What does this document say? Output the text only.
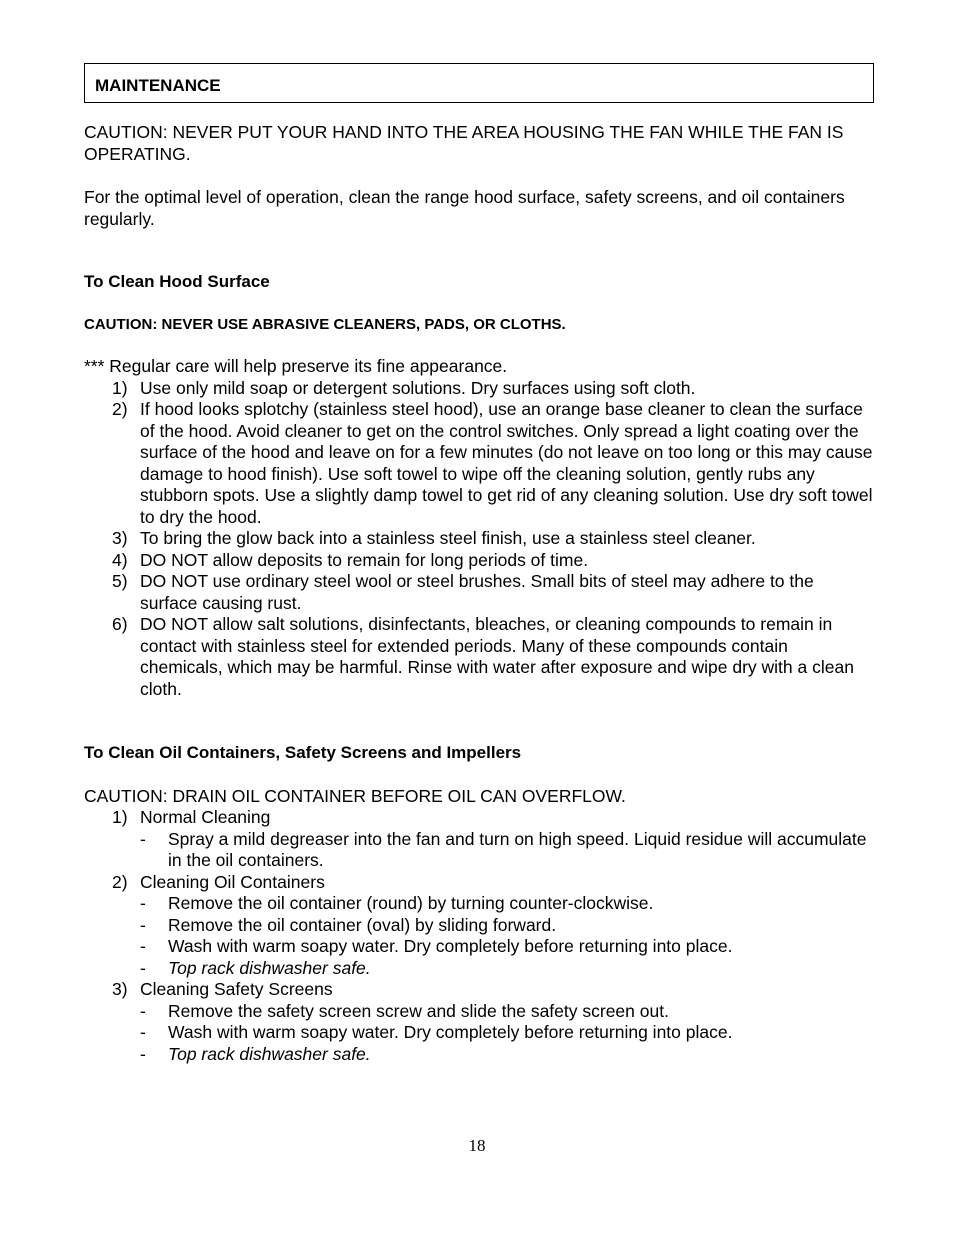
MAINTENANCE

CAUTION: NEVER PUT YOUR HAND INTO THE AREA HOUSING THE FAN WHILE THE FAN IS OPERATING.

For the optimal level of operation, clean the range hood surface, safety screens, and oil containers regularly.

To Clean Hood Surface

CAUTION: NEVER USE ABRASIVE CLEANERS, PADS, OR CLOTHS.

*** Regular care will help preserve its fine appearance.

1) Use only mild soap or detergent solutions. Dry surfaces using soft cloth.
2) If hood looks splotchy (stainless steel hood), use an orange base cleaner to clean the surface of the hood. Avoid cleaner to get on the control switches. Only spread a light coating over the surface of the hood and leave on for a few minutes (do not leave on too long or this may cause damage to hood finish). Use soft towel to wipe off the cleaning solution, gently rubs any stubborn spots. Use a slightly damp towel to get rid of any cleaning solution. Use dry soft towel to dry the hood.
3) To bring the glow back into a stainless steel finish, use a stainless steel cleaner.
4) DO NOT allow deposits to remain for long periods of time.
5) DO NOT use ordinary steel wool or steel brushes. Small bits of steel may adhere to the surface causing rust.
6) DO NOT allow salt solutions, disinfectants, bleaches, or cleaning compounds to remain in contact with stainless steel for extended periods. Many of these compounds contain chemicals, which may be harmful. Rinse with water after exposure and wipe dry with a clean cloth.

To Clean Oil Containers, Safety Screens and Impellers

CAUTION: DRAIN OIL CONTAINER BEFORE OIL CAN OVERFLOW.

1) Normal Cleaning
- Spray a mild degreaser into the fan and turn on high speed. Liquid residue will accumulate in the oil containers.
2) Cleaning Oil Containers
- Remove the oil container (round) by turning counter-clockwise.
- Remove the oil container (oval) by sliding forward.
- Wash with warm soapy water. Dry completely before returning into place.
- Top rack dishwasher safe.
3) Cleaning Safety Screens
- Remove the safety screen screw and slide the safety screen out.
- Wash with warm soapy water. Dry completely before returning into place.
- Top rack dishwasher safe.
18
